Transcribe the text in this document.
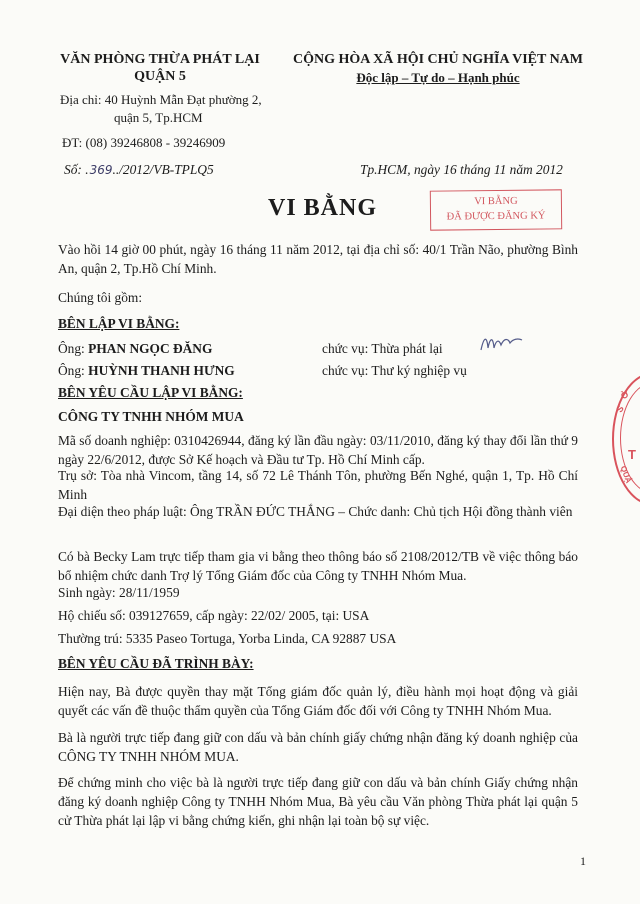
VĂN PHÒNG THỪA PHÁT LẠI
QUẬN 5
Địa chỉ: 40 Huỳnh Mẫn Đạt phường 2,
quận 5, Tp.HCM
ĐT: (08) 39246808 - 39246909
CỘNG HÒA XÃ HỘI CHỦ NGHĨA VIỆT NAM
Độc lập – Tự do – Hạnh phúc
Số: .369../2012/VB-TPLQ5	Tp.HCM, ngày 16 tháng 11 năm 2012
VI BẰNG	VI BẰNG
ĐÃ ĐƯỢC ĐĂNG KÝ
Vào hồi 14 giờ 00 phút, ngày 16 tháng 11 năm 2012, tại địa chỉ số: 40/1 Trần Não, phường Bình An, quận 2, Tp.Hồ Chí Minh.
Chúng tôi gồm:
BÊN LẬP VI BẰNG:
Ông: PHAN NGỌC ĐĂNG	chức vụ: Thừa phát lại
Ông: HUỲNH THANH HƯNG	chức vụ: Thư ký nghiệp vụ
BÊN YÊU CẦU LẬP VI BẰNG:
CÔNG TY TNHH NHÓM MUA
Mã số doanh nghiệp: 0310426944, đăng ký lần đầu ngày: 03/11/2010, đăng ký thay đổi lần thứ 9 ngày 22/6/2012, được Sở Kế hoạch và Đầu tư Tp. Hồ Chí Minh cấp.
Trụ sở: Tòa nhà Vincom, tầng 14, số 72 Lê Thánh Tôn, phường Bến Nghé, quận 1, Tp. Hồ Chí Minh
Đại diện theo pháp luật: Ông TRẦN ĐỨC THẮNG – Chức danh: Chủ tịch Hội đồng thành viên
Có bà Becky Lam trực tiếp tham gia vi bằng theo thông báo số 2108/2012/TB về việc thông báo bổ nhiệm chức danh Trợ lý Tổng Giám đốc của Công ty TNHH Nhóm Mua.
Sinh ngày: 28/11/1959
Hộ chiếu số: 039127659, cấp ngày: 22/02/ 2005, tại: USA
Thường trú: 5335 Paseo Tortuga, Yorba Linda, CA 92887 USA
BÊN YÊU CẦU ĐÃ TRÌNH BÀY:
Hiện nay, Bà được quyền thay mặt Tổng giám đốc quản lý, điều hành mọi hoạt động và giải quyết các vấn đề thuộc thẩm quyền của Tổng Giám đốc đối với Công ty TNHH Nhóm Mua.
Bà là người trực tiếp đang giữ con dấu và bản chính giấy chứng nhận đăng ký doanh nghiệp của CÔNG TY TNHH NHÓM MUA.
Để chứng minh cho việc bà là người trực tiếp đang giữ con dấu và bản chính Giấy chứng nhận đăng ký doanh nghiệp Công ty TNHH Nhóm Mua, Bà yêu cầu Văn phòng Thừa phát lại quận 5 cử Thừa phát lại lập vi bằng chứng kiến, ghi nhận lại toàn bộ sự việc.
1
S
Ở
T
QUẬ
